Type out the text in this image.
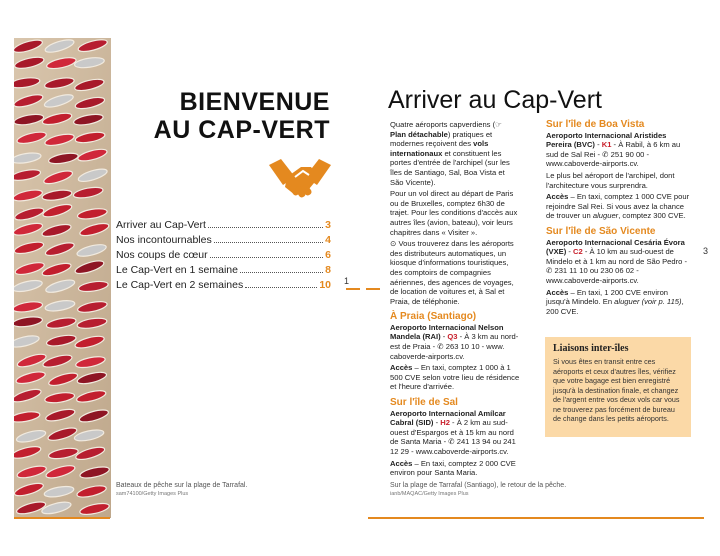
BIENVENUE
AU CAP-VERT
Arriver au Cap-Vert	3
Nos incontournables	4
Nos coups de cœur	6
Le Cap-Vert en 1 semaine	8
Le Cap-Vert en 2 semaines	10 1
Bateaux de pêche sur la plage de Tarrafal.
sam74100/Getty Images Plus
3
Arriver au Cap-Vert

Quatre aéroports capverdiens (☞ Plan détachable) pratiques et modernes reçoivent des vols internationaux et constituent les portes d'entrée de l'archipel (sur les îles de Santiago, Sal, Boa Vista et São Vicente).

Pour un vol direct au départ de Paris ou de Bruxelles, comptez 6h30 de trajet. Pour les conditions d'accès aux autres îles (avion, bateau), voir leurs chapitres dans « Visiter ».

⊙ Vous trouverez dans les aéroports des distributeurs automatiques, un kiosque d'informations touristiques, des comptoirs de compagnies aériennes, des agences de voyages, de location de voitures et, à Sal et Praia, de téléphonie.

À Praia (Santiago)

Aeroporto Internacional Nelson Mandela (RAI) - Q3 - À 3 km au nord-est de Praia - ✆ 263 10 10 - www. caboverde-airports.cv.

Accès – En taxi, comptez 1 000 à 1 500 CVE selon votre lieu de résidence et l'heure d'arrivée.

Sur l'île de Sal

Aeroporto Internacional Amílcar Cabral (SID) - H2 - À 2 km au sud-ouest d'Espargos et à 15 km au nord de Santa Maria - ✆ 241 13 94 ou 241 12 29 - www.caboverde-airports.cv.

Accès – En taxi, comptez 2 000 CVE environ pour Santa Maria.

Sur l'île de Boa Vista

Aeroporto Internacional Aristides Pereira (BVC) - K1 - À Rabil, à 6 km au sud de Sal Rei - ✆ 251 90 00 - www.caboverde-airports.cv.

Le plus bel aéroport de l'archipel, dont l'architecture vous surprendra.

Accès – En taxi, comptez 1 000 CVE pour rejoindre Sal Rei. Si vous avez la chance de trouver un aluguer, comptez 300 CVE.

Sur l'île de São Vicente

Aeroporto Internacional Cesária Évora (VXE) - C2 - À 10 km au sud-ouest de Mindelo et à 1 km au nord de São Pedro - ✆ 231 11 10 ou 230 06 02 - www.caboverde-airports.cv.

Accès – En taxi, 1 200 CVE environ jusqu'à Mindelo. En aluguer (voir p. 115), 200 CVE.

Liaisons inter-îles

Si vous êtes en transit entre ces aéroports et ceux d'autres îles, vérifiez que votre bagage est bien enregistré jusqu'à la destination finale, et changez de l'argent entre vos deux vols car vous ne trouverez pas forcément de bureau de change dans les petits aéroports.

Sur la plage de Tarrafal (Santiago), le retour de la pêche.
ianb/MAQAC/Getty Images Plus
